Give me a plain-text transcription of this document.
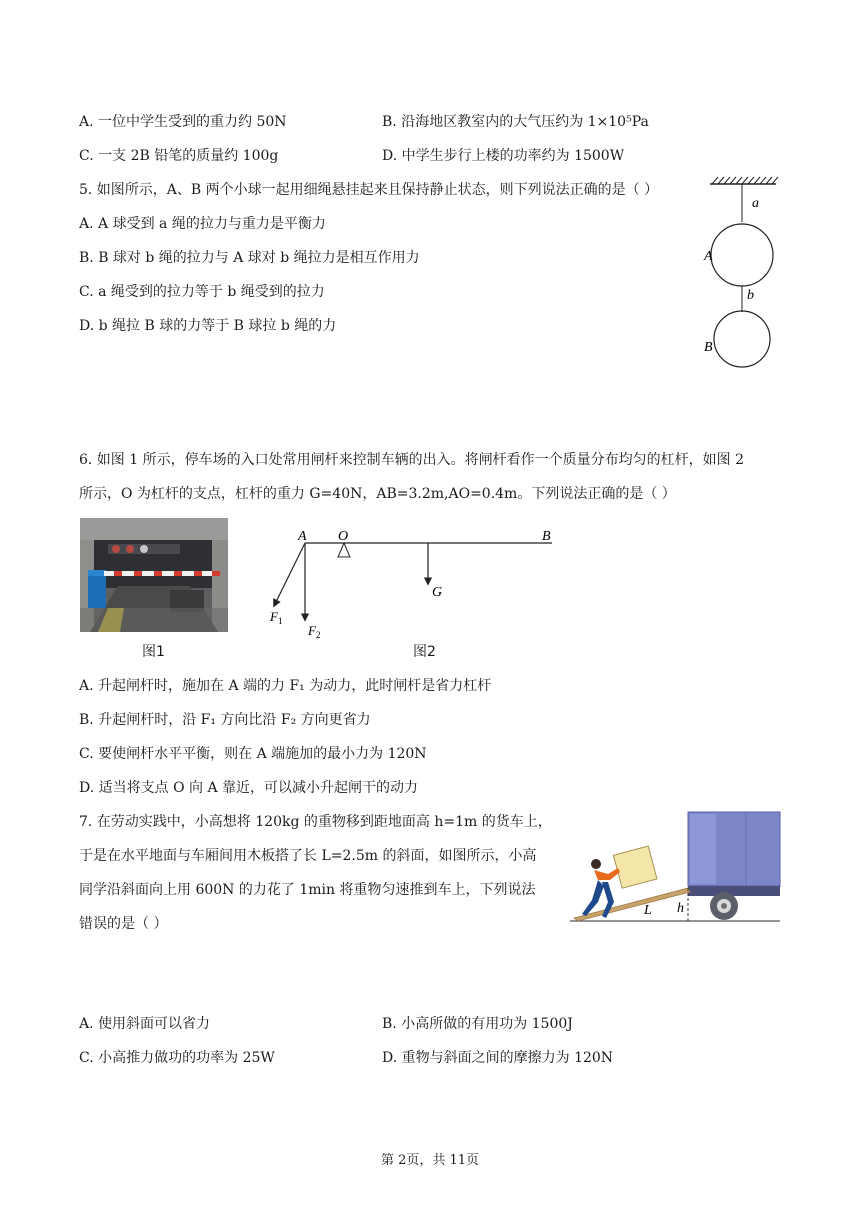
A. 一位中学生受到的重力约 50N	B. 沿海地区教室内的大气压约为 1×10⁵Pa
C. 一支 2B 铅笔的质量约 100g	D. 中学生步行上楼的功率约为 1500W
5. 如图所示，A、B 两个小球一起用细绳悬挂起来且保持静止状态，则下列说法正确的是（ ）
A. A 球受到 a 绳的拉力与重力是平衡力
B. B 球对 b 绳的拉力与 A 球对 b 绳拉力是相互作用力
C. a 绳受到的拉力等于 b 绳受到的拉力
D. b 绳拉 B 球的力等于 B 球拉 b 绳的力
a
b
A
B
6. 如图 1 所示，停车场的入口处常用闸杆来控制车辆的出入。将闸杆看作一个质量分布均匀的杠杆，如图 2
所示，O 为杠杆的支点，杠杆的重力 G=40N，AB=3.2m,AO=0.4m。下列说法正确的是（ ）
图1
A O	B
G
$F_1$
$F_2$
图2
A. 升起闸杆时，施加在 A 端的力 F₁ 为动力，此时闸杆是省力杠杆
B. 升起闸杆时，沿 F₁ 方向比沿 F₂ 方向更省力
C. 要使闸杆水平平衡，则在 A 端施加的最小力为 120N
D. 适当将支点 O 向 A 靠近，可以减小升起闸干的动力
7. 在劳动实践中，小高想将 120kg 的重物移到距地面高 h=1m 的货车上，
于是在水平地面与车厢间用木板搭了长 L=2.5m 的斜面，如图所示，小高
同学沿斜面向上用 600N 的力花了 1min 将重物匀速推到车上，下列说法
错误的是（ ）
L h
A. 使用斜面可以省力	B. 小高所做的有用功为 1500J
C. 小高推力做功的功率为 25W	D. 重物与斜面之间的摩擦力为 120N
第 2页，共 11页
